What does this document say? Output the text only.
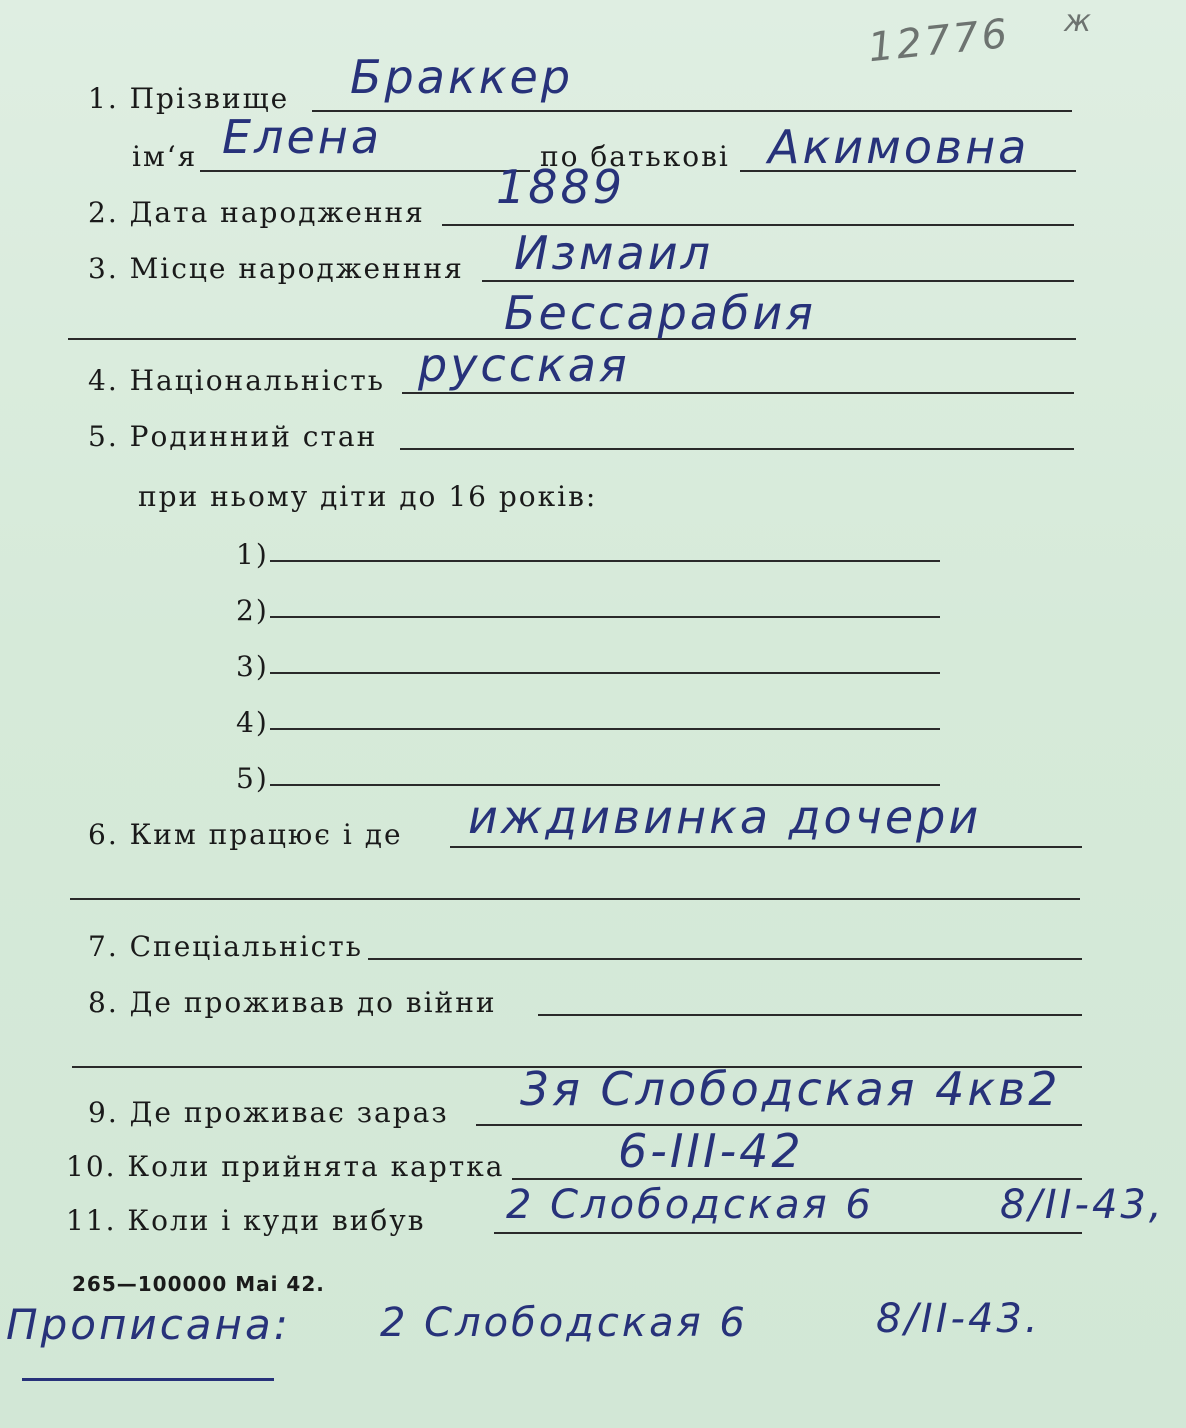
12776 ж
1. Прізвище Браккер
ім‘я Елена	по батькові Акимовна
2. Дата народження 1889
3. Місце народженння Измаил
Бессарабия
4. Національність русская
5. Родинний стан
при ньому діти до 16 років:
1)
2)
3)
4)
5)
6. Ким працює і де иждивинка дочери
7. Спеціальність
8. Де проживав до війни
9. Де проживає зараз 3я Слободская 4кв2
10. Коли прийнята картка 6-III-42
11. Коли і куди вибув 2 Слободская 6	8/II-43,
265—100000 Mai 42.
Прописана: 2 Слободская 6	8/II-43.
